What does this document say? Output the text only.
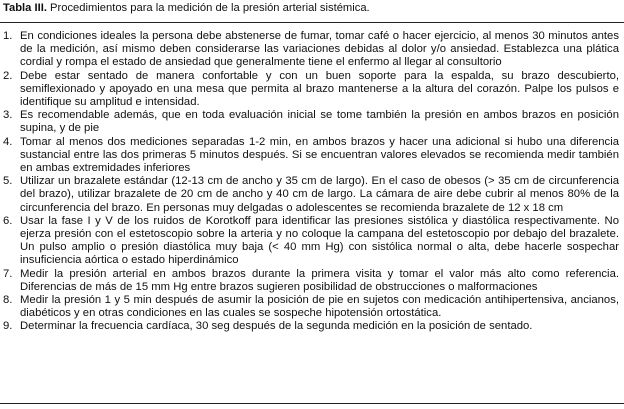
Tabla III. Procedimientos para la medición de la presión arterial sistémica.
1. En condiciones ideales la persona debe abstenerse de fumar, tomar café o hacer ejercicio, al menos 30 minutos antes de la medición, así mismo deben considerarse las variaciones debidas al dolor y/o ansiedad. Establezca una plática cordial y rompa el estado de ansiedad que generalmente tiene el enfermo al llegar al consultorio
2. Debe estar sentado de manera confortable y con un buen soporte para la espalda, su brazo descubierto, semiflexionado y apoyado en una mesa que permita al brazo mantenerse a la altura del corazón. Palpe los pulsos e identifique su amplitud e intensidad.
3. Es recomendable además, que en toda evaluación inicial se tome también la presión en ambos brazos en posición supina, y de pie
4. Tomar al menos dos mediciones separadas 1-2 min, en ambos brazos y hacer una adicional si hubo una diferencia sustancial entre las dos primeras 5 minutos después. Si se encuentran valores elevados se recomienda medir también en ambas extremidades inferiores
5. Utilizar un brazalete estándar (12-13 cm de ancho y 35 cm de largo). En el caso de obesos (> 35 cm de circunferencia del brazo), utilizar brazalete de 20 cm de ancho y 40 cm de largo. La cámara de aire debe cubrir al menos 80% de la circunferencia del brazo. En personas muy delgadas o adolescentes se recomienda brazalete de 12 x 18 cm
6. Usar la fase I y V de los ruidos de Korotkoff para identificar las presiones sistólica y diastólica respectivamente. No ejerza presión con el estetoscopio sobre la arteria y no coloque la campana del estetoscopio por debajo del brazalete. Un pulso amplio o presión diastólica muy baja (< 40 mm Hg) con sistólica normal o alta, debe hacerle sospechar insuficiencia aórtica o estado hiperdinámico
7. Medir la presión arterial en ambos brazos durante la primera visita y tomar el valor más alto como referencia. Diferencias de más de 15 mm Hg entre brazos sugieren posibilidad de obstrucciones o malformaciones
8. Medir la presión 1 y 5 min después de asumir la posición de pie en sujetos con medicación antihipertensiva, ancianos, diabéticos y en otras condiciones en las cuales se sospeche hipotensión ortostática.
9. Determinar la frecuencia cardíaca, 30 seg después de la segunda medición en la posición de sentado.
